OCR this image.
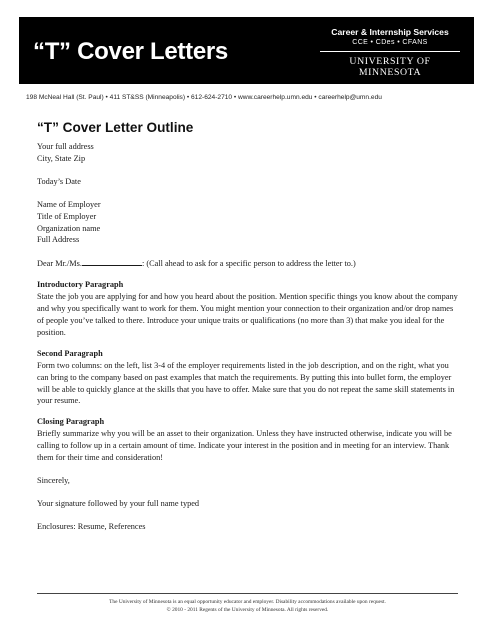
“T” Cover Letters
Career & Internship Services
CCE • CDes • CFANS
UNIVERSITY OF MINNESOTA
198 McNeal Hall (St. Paul) • 411 ST&SS (Minneapolis) • 612-624-2710 • www.careerhelp.umn.edu • careerhelp@umn.edu
“T” Cover Letter Outline

Your full address

City, State Zip

Today’s Date

Name of Employer

Title of Employer

Organization name

Full Address

Dear Mr./Ms.	: (Call ahead to ask for a specific person to address the letter to.)

Introductory Paragraph

State the job you are applying for and how you heard about the position. Mention specific things you know about the company and why you specifically want to work for them. You might mention your connection to their organization and/or drop names of people you’ve talked to there. Introduce your unique traits or qualifications (no more than 3) that make you ideal for the position.

Second Paragraph

Form two columns: on the left, list 3-4 of the employer requirements listed in the job description, and on the right, what you can bring to the company based on past examples that match the requirements. By putting this into bullet form, the employer will be able to quickly glance at the skills that you have to offer. Make sure that you do not repeat the same skill statements in your resume.

Closing Paragraph

Briefly summarize why you will be an asset to their organization. Unless they have instructed otherwise, indicate you will be calling to follow up in a certain amount of time. Indicate your interest in the position and in meeting for an interview. Thank them for their time and consideration!

Sincerely,

Your signature followed by your full name typed

Enclosures: Resume, References

The University of Minnesota is an equal opportunity educator and employer. Disability accommodations available upon request.
© 2010 - 2011 Regents of the University of Minnesota. All rights reserved.
